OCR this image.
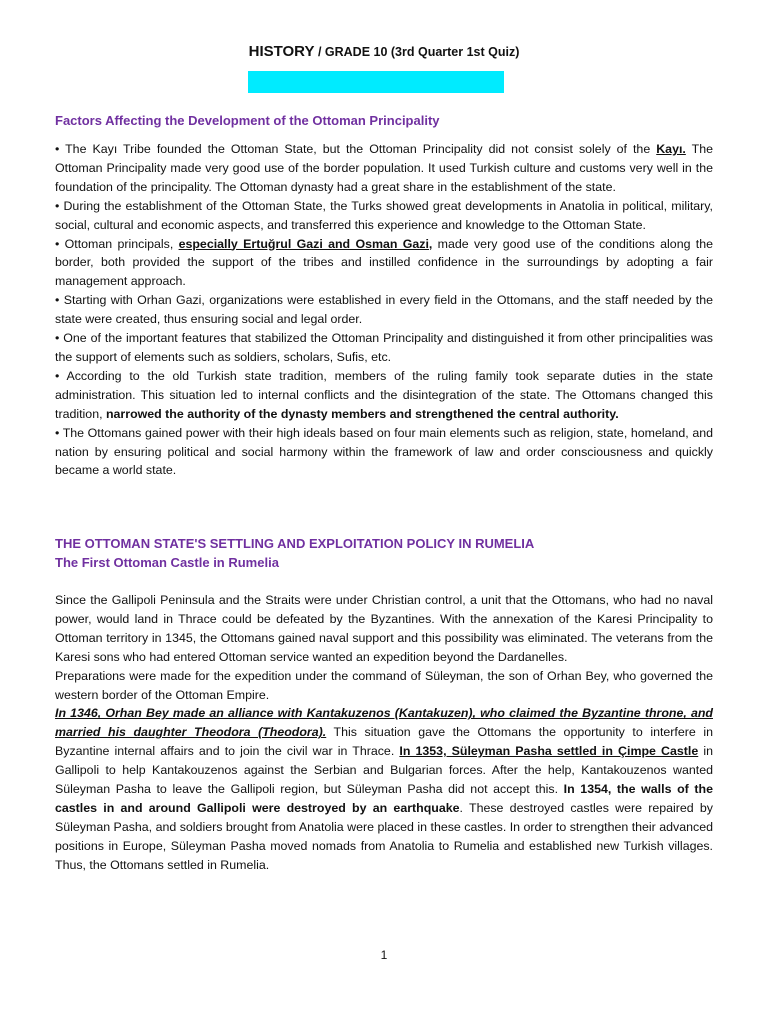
HISTORY / GRADE 10 (3rd Quarter 1st Quiz)

Factors Affecting the Development of the Ottoman Principality

• The Kayı Tribe founded the Ottoman State, but the Ottoman Principality did not consist solely of the Kayı. The Ottoman Principality made very good use of the border population. It used Turkish culture and customs very well in the foundation of the principality. The Ottoman dynasty had a great share in the establishment of the state.

• During the establishment of the Ottoman State, the Turks showed great developments in Anatolia in political, military, social, cultural and economic aspects, and transferred this experience and knowledge to the Ottoman State.

• Ottoman principals, especially Ertuğrul Gazi and Osman Gazi, made very good use of the conditions along the border, both provided the support of the tribes and instilled confidence in the surroundings by adopting a fair management approach.

• Starting with Orhan Gazi, organizations were established in every field in the Ottomans, and the staff needed by the state were created, thus ensuring social and legal order.

• One of the important features that stabilized the Ottoman Principality and distinguished it from other principalities was the support of elements such as soldiers, scholars, Sufis, etc.

• According to the old Turkish state tradition, members of the ruling family took separate duties in the state administration. This situation led to internal conflicts and the disintegration of the state. The Ottomans changed this tradition, narrowed the authority of the dynasty members and strengthened the central authority.

• The Ottomans gained power with their high ideals based on four main elements such as religion, state, homeland, and nation by ensuring political and social harmony within the framework of law and order consciousness and quickly became a world state.

THE OTTOMAN STATE'S SETTLING AND EXPLOITATION POLICY IN RUMELIA

The First Ottoman Castle in Rumelia

Since the Gallipoli Peninsula and the Straits were under Christian control, a unit that the Ottomans, who had no naval power, would land in Thrace could be defeated by the Byzantines. With the annexation of the Karesi Principality to Ottoman territory in 1345, the Ottomans gained naval support and this possibility was eliminated. The veterans from the Karesi sons who had entered Ottoman service wanted an expedition beyond the Dardanelles.

Preparations were made for the expedition under the command of Süleyman, the son of Orhan Bey, who governed the western border of the Ottoman Empire.

In 1346, Orhan Bey made an alliance with Kantakuzenos (Kantakuzen), who claimed the Byzantine throne, and married his daughter Theodora (Theodora). This situation gave the Ottomans the opportunity to interfere in Byzantine internal affairs and to join the civil war in Thrace. In 1353, Süleyman Pasha settled in Çimpe Castle in Gallipoli to help Kantakouzenos against the Serbian and Bulgarian forces. After the help, Kantakouzenos wanted Süleyman Pasha to leave the Gallipoli region, but Süleyman Pasha did not accept this. In 1354, the walls of the castles in and around Gallipoli were destroyed by an earthquake. These destroyed castles were repaired by Süleyman Pasha, and soldiers brought from Anatolia were placed in these castles. In order to strengthen their advanced positions in Europe, Süleyman Pasha moved nomads from Anatolia to Rumelia and established new Turkish villages. Thus, the Ottomans settled in Rumelia.

1
